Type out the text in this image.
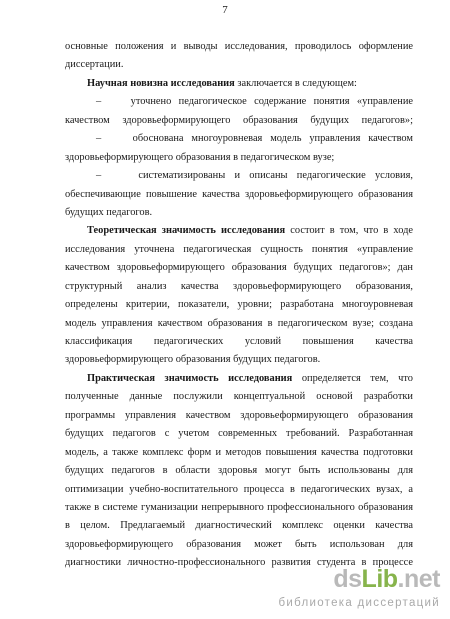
7
основные положения и выводы исследования, проводилось оформление
диссертации.
Научная новизна исследования заключается в следующем:
–	уточнено педагогическое содержание понятия «управление
качеством здоровьеформирующего образования будущих педагогов»;
–	обоснована многоуровневая модель управления качеством
здоровьеформирующего образования в педагогическом вузе;
–	систематизированы и описаны педагогические условия,
обеспечивающие повышение качества здоровьеформирующего образования
будущих педагогов.
Теоретическая значимость исследования состоит в том, что в ходе
исследования уточнена педагогическая сущность понятия «управление
качеством здоровьеформирующего образования будущих педагогов»; дан
структурный анализ качества здоровьеформирующего образования,
определены критерии, показатели, уровни; разработана многоуровневая
модель управления качеством образования в педагогическом вузе; создана
классификация педагогических условий повышения качества
здоровьеформирующего образования будущих педагогов.
Практическая значимость исследования определяется тем, что
полученные данные послужили концептуальной основой разработки
программы управления качеством здоровьеформирующего образования
будущих педагогов с учетом современных требований. Разработанная
модель, а также комплекс форм и методов повышения качества подготовки
будущих педагогов в области здоровья могут быть использованы для
оптимизации учебно-воспитательного процесса в педагогических вузах, а
также в системе гуманизации непрерывного профессионального образования
в целом. Предлагаемый диагностический комплекс оценки качества
здоровьеформирующего образования может быть использован для
диагностики личностно-профессионального развития студента в процессе
dsLib.net
библиотека диссертаций
